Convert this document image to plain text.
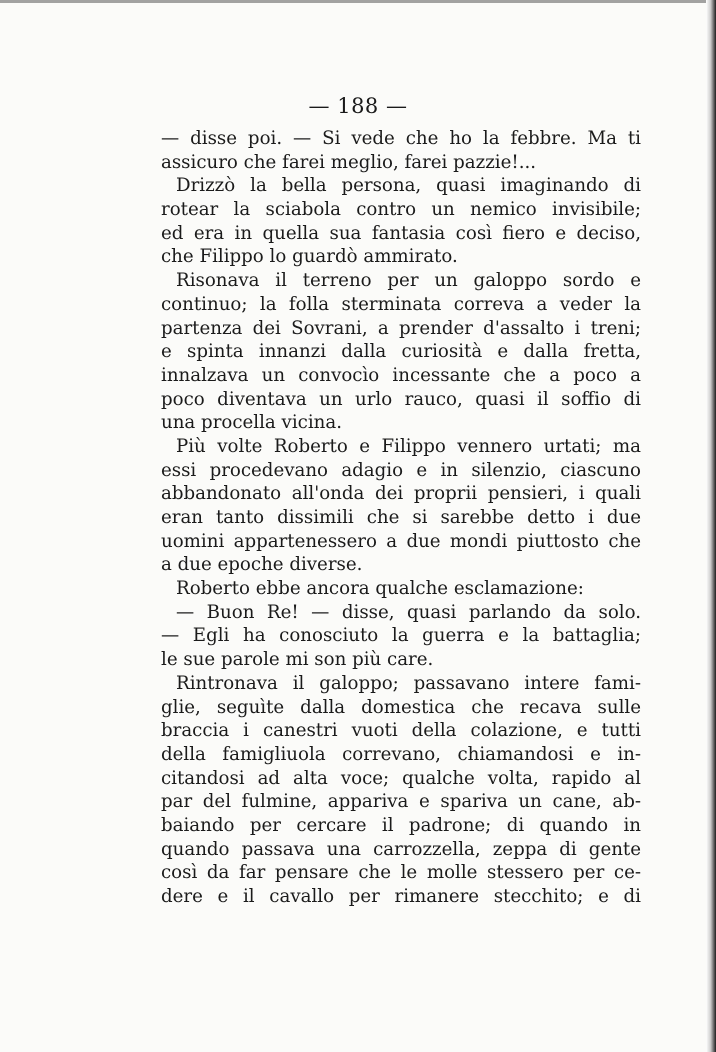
— 188 —
— disse poi. — Si vede che ho la febbre. Ma ti
assicuro che farei meglio, farei pazzie!...
Drizzò la bella persona, quasi imaginando di
rotear la sciabola contro un nemico invisibile;
ed era in quella sua fantasia così fiero e deciso,
che Filippo lo guardò ammirato.
Risonava il terreno per un galoppo sordo e
continuo; la folla sterminata correva a veder la
partenza dei Sovrani, a prender d'assalto i treni;
e spinta innanzi dalla curiosità e dalla fretta,
innalzava un convocìo incessante che a poco a
poco diventava un urlo rauco, quasi il soffio di
una procella vicina.
Più volte Roberto e Filippo vennero urtati; ma
essi procedevano adagio e in silenzio, ciascuno
abbandonato all'onda dei proprii pensieri, i quali
eran tanto dissimili che si sarebbe detto i due
uomini appartenessero a due mondi piuttosto che
a due epoche diverse.
Roberto ebbe ancora qualche esclamazione:
— Buon Re! — disse, quasi parlando da solo.
— Egli ha conosciuto la guerra e la battaglia;
le sue parole mi son più care.
Rintronava il galoppo; passavano intere fami-
glie, seguìte dalla domestica che recava sulle
braccia i canestri vuoti della colazione, e tutti
della famigliuola correvano, chiamandosi e in-
citandosi ad alta voce; qualche volta, rapido al
par del fulmine, appariva e spariva un cane, ab-
baiando per cercare il padrone; di quando in
quando passava una carrozzella, zeppa di gente
così da far pensare che le molle stessero per ce-
dere e il cavallo per rimanere stecchito; e di
